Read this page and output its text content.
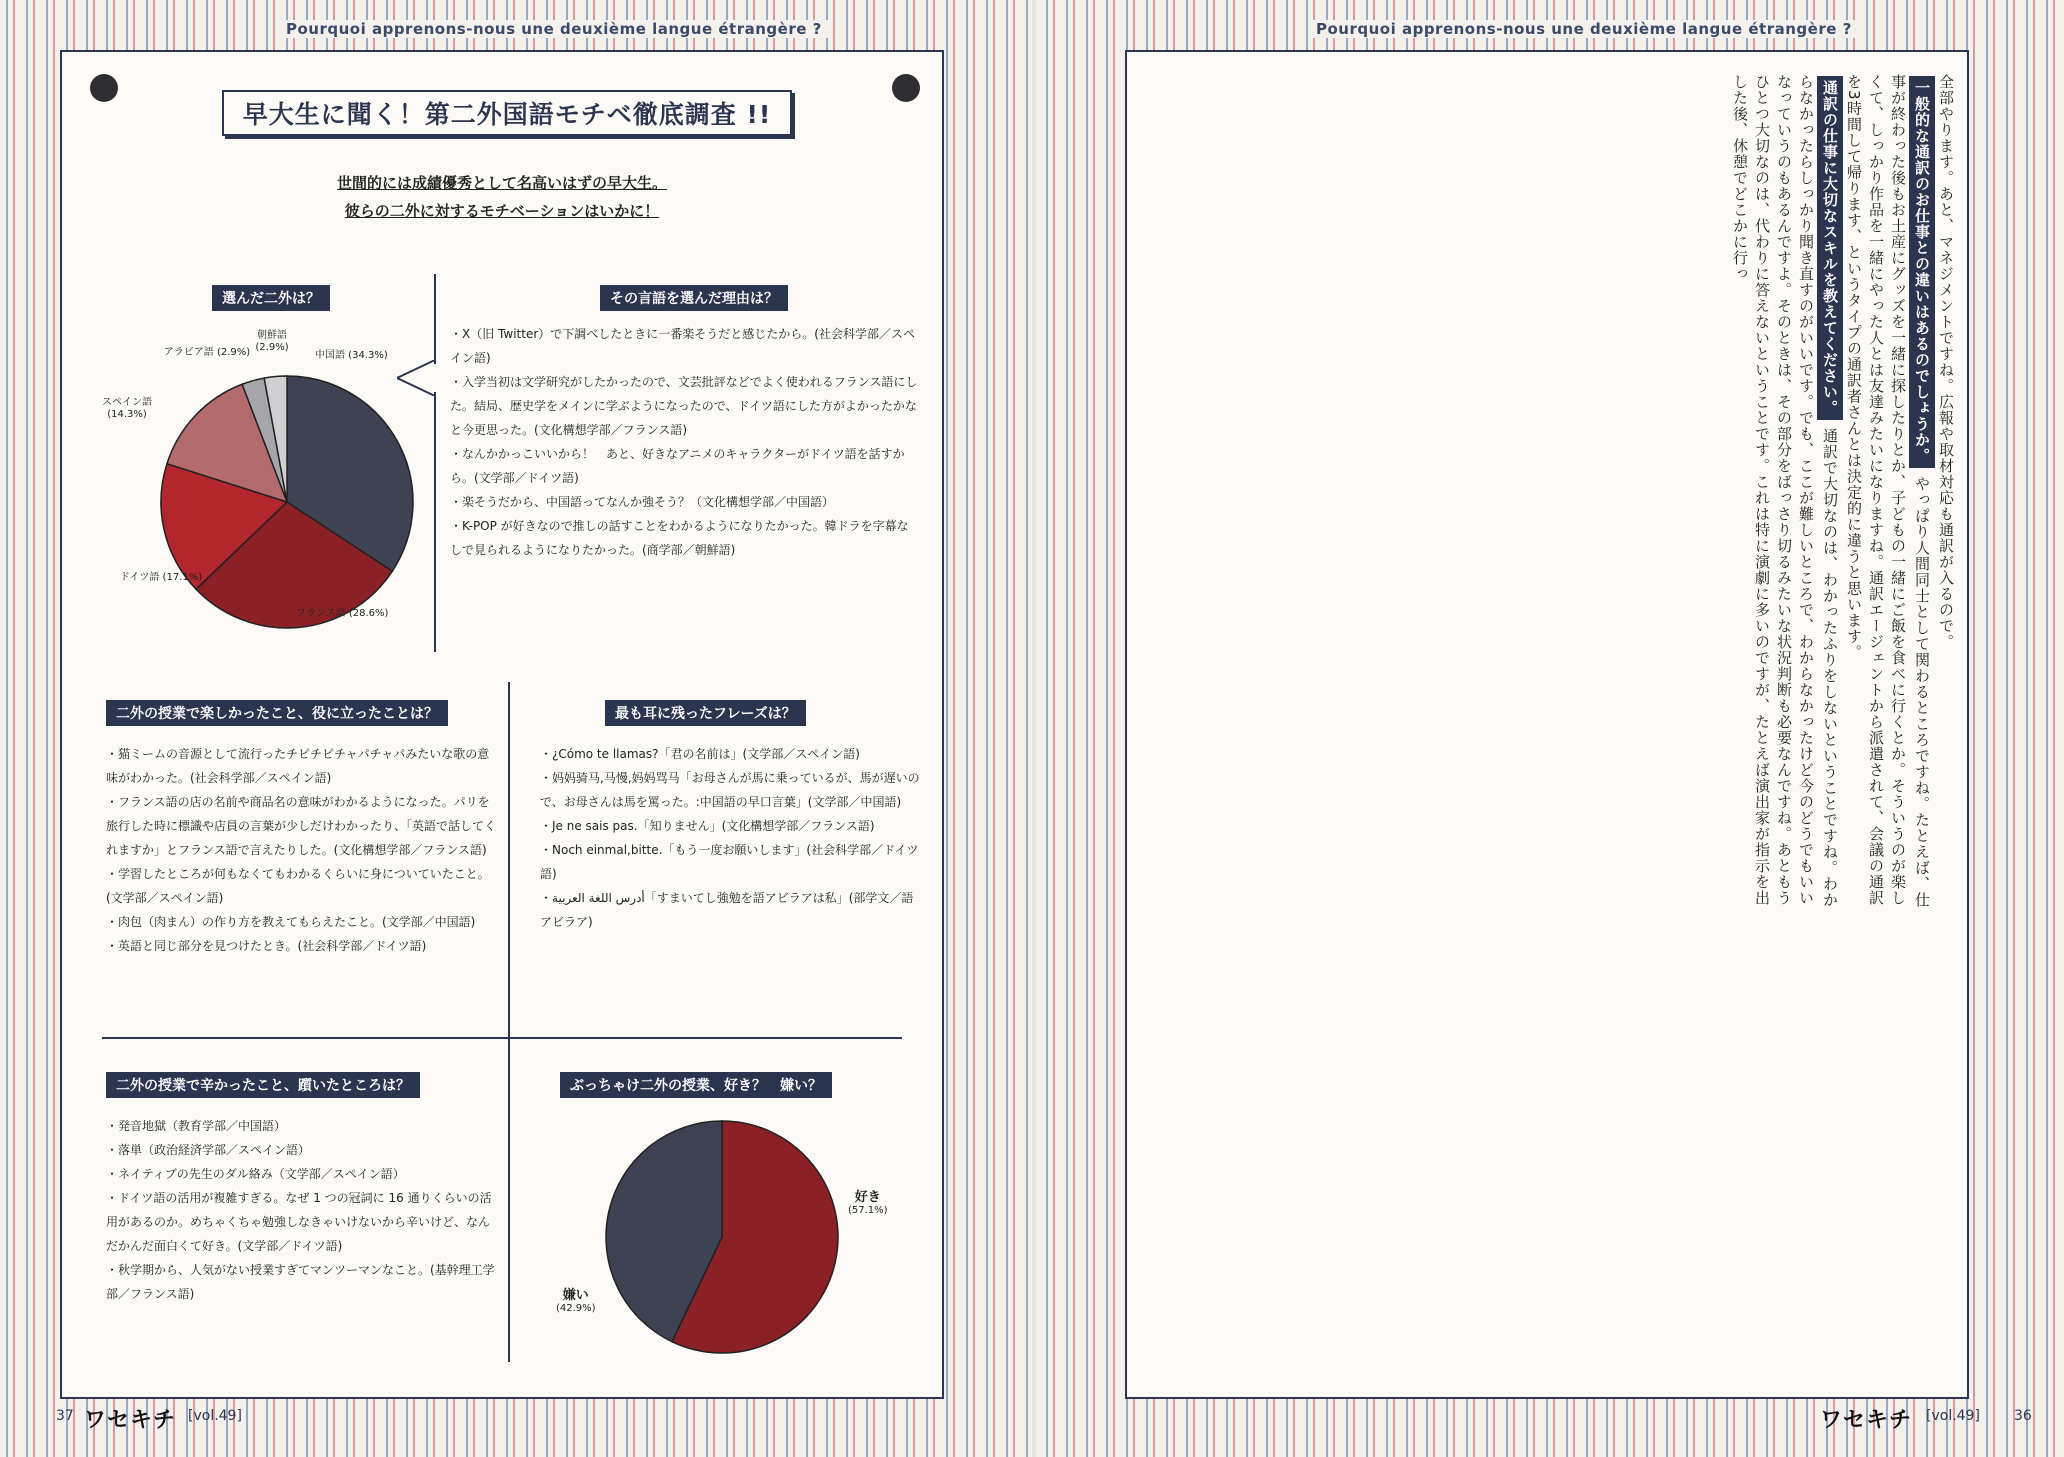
Pourquoi apprenons-nous une deuxième langue étrangère ?	Pourquoi apprenons-nous une deuxième langue étrangère ?
早大生に聞く！第二外国語モチベ徹底調査 !!
世間的には成績優秀として名高いはずの早大生。
彼らの二外に対するモチベーションはいかに！
選んだ二外は？	その言語を選んだ理由は？
二外の授業で楽しかったこと、役に立ったことは？	最も耳に残ったフレーズは？
二外の授業で辛かったこと、躓いたところは？	ぶっちゃけ二外の授業、好き？　嫌い？
中国語 (34.3%)
フランス語 (28.6%)
ドイツ語 (17.1%)
スペイン語 (14.3%)
アラビア語 (2.9%)
朝鮮語 (2.9%)

・X（旧 Twitter）で下調べしたときに一番楽そうだと感じたから。(社会科学部／スペイン語)

・入学当初は文学研究がしたかったので、文芸批評などでよく使われるフランス語にした。結局、歴史学をメインに学ぶようになったので、ドイツ語にした方がよかったかなと今更思った。(文化構想学部／フランス語)

・なんかかっこいいから！　あと、好きなアニメのキャラクターがドイツ語を話すから。(文学部／ドイツ語)

・楽そうだから、中国語ってなんか強そう？（文化構想学部／中国語）

・K-POP が好きなので推しの話すことをわかるようになりたかった。韓ドラを字幕なしで見られるようになりたかった。(商学部／朝鮮語)

・猫ミームの音源として流行ったチピチピチャパチャパみたいな歌の意味がわかった。(社会科学部／スペイン語)

・フランス語の店の名前や商品名の意味がわかるようになった。パリを旅行した時に標識や店員の言葉が少しだけわかったり、「英語で話してくれますか」とフランス語で言えたりした。(文化構想学部／フランス語)

・学習したところが何もなくてもわかるくらいに身についていたこと。(文学部／スペイン語)

・肉包（肉まん）の作り方を教えてもらえたこと。(文学部／中国語)

・英語と同じ部分を見つけたとき。(社会科学部／ドイツ語)

・¿Cómo te llamas?「君の名前は」(文学部／スペイン語)

・妈妈骑马,马慢,妈妈骂马「お母さんが馬に乗っているが、馬が遅いので、お母さんは馬を罵った。:中国語の早口言葉」(文学部／中国語)

・Je ne sais pas.「知りません」(文化構想学部／フランス語)

・Noch einmal,bitte.「もう一度お願いします」(社会科学部／ドイツ語)

・أدرس اللغة العربية「すまいてし強勉を語アビラアは私」(部学文／語アビラア)

・発音地獄（教育学部／中国語）

・落単（政治経済学部／スペイン語）

・ネイティブの先生のダル絡み（文学部／スペイン語）

・ドイツ語の活用が複雑すぎる。なぜ 1 つの冠詞に 16 通りくらいの活用があるのか。めちゃくちゃ勉強しなきゃいけないから辛いけど、なんだかんだ面白くて好き。(文学部／ドイツ語)

・秋学期から、人気がない授業すぎてマンツーマンなこと。(基幹理工学部／フランス語)

好き
(57.1%)
嫌い
(42.9%)
全部やります。あと、マネジメントですね。広報や取材対応も通訳が入るので。 一般的な通訳のお仕事との違いはあるのでしょうか。 やっぱり人間同士として関わるところですね。たとえば、仕事が終わった後もお土産にグッズを一緒に探したりとか、子どもの一緒にご飯を食べに行くとか。そういうのが楽しくて、しっかり作品を一緒にやった人とは友達みたいになりますね。通訳エージェントから派遣されて、会議の通訳を3時間して帰ります、というタイプの通訳者さんとは決定的に違うと思います。 通訳の仕事に大切なスキルを教えてください。 通訳で大切なのは、わかったふりをしないということですね。わからなかったらしっかり聞き直すのがいいです。でも、ここが難しいところで、わからなかったけど今のどうでもいいなっていうのもあるんですよ。そのときは、その部分をばっさり切るみたいな状況判断も必要なんですね。あともうひとつ大切なのは、代わりに答えないということです。これは特に演劇に多いのですが、たとえば演出家が指示を出した後、休憩でどこかに行っ
37 ワセキチ [vol.49]	ワセキチ [vol.49] 36
